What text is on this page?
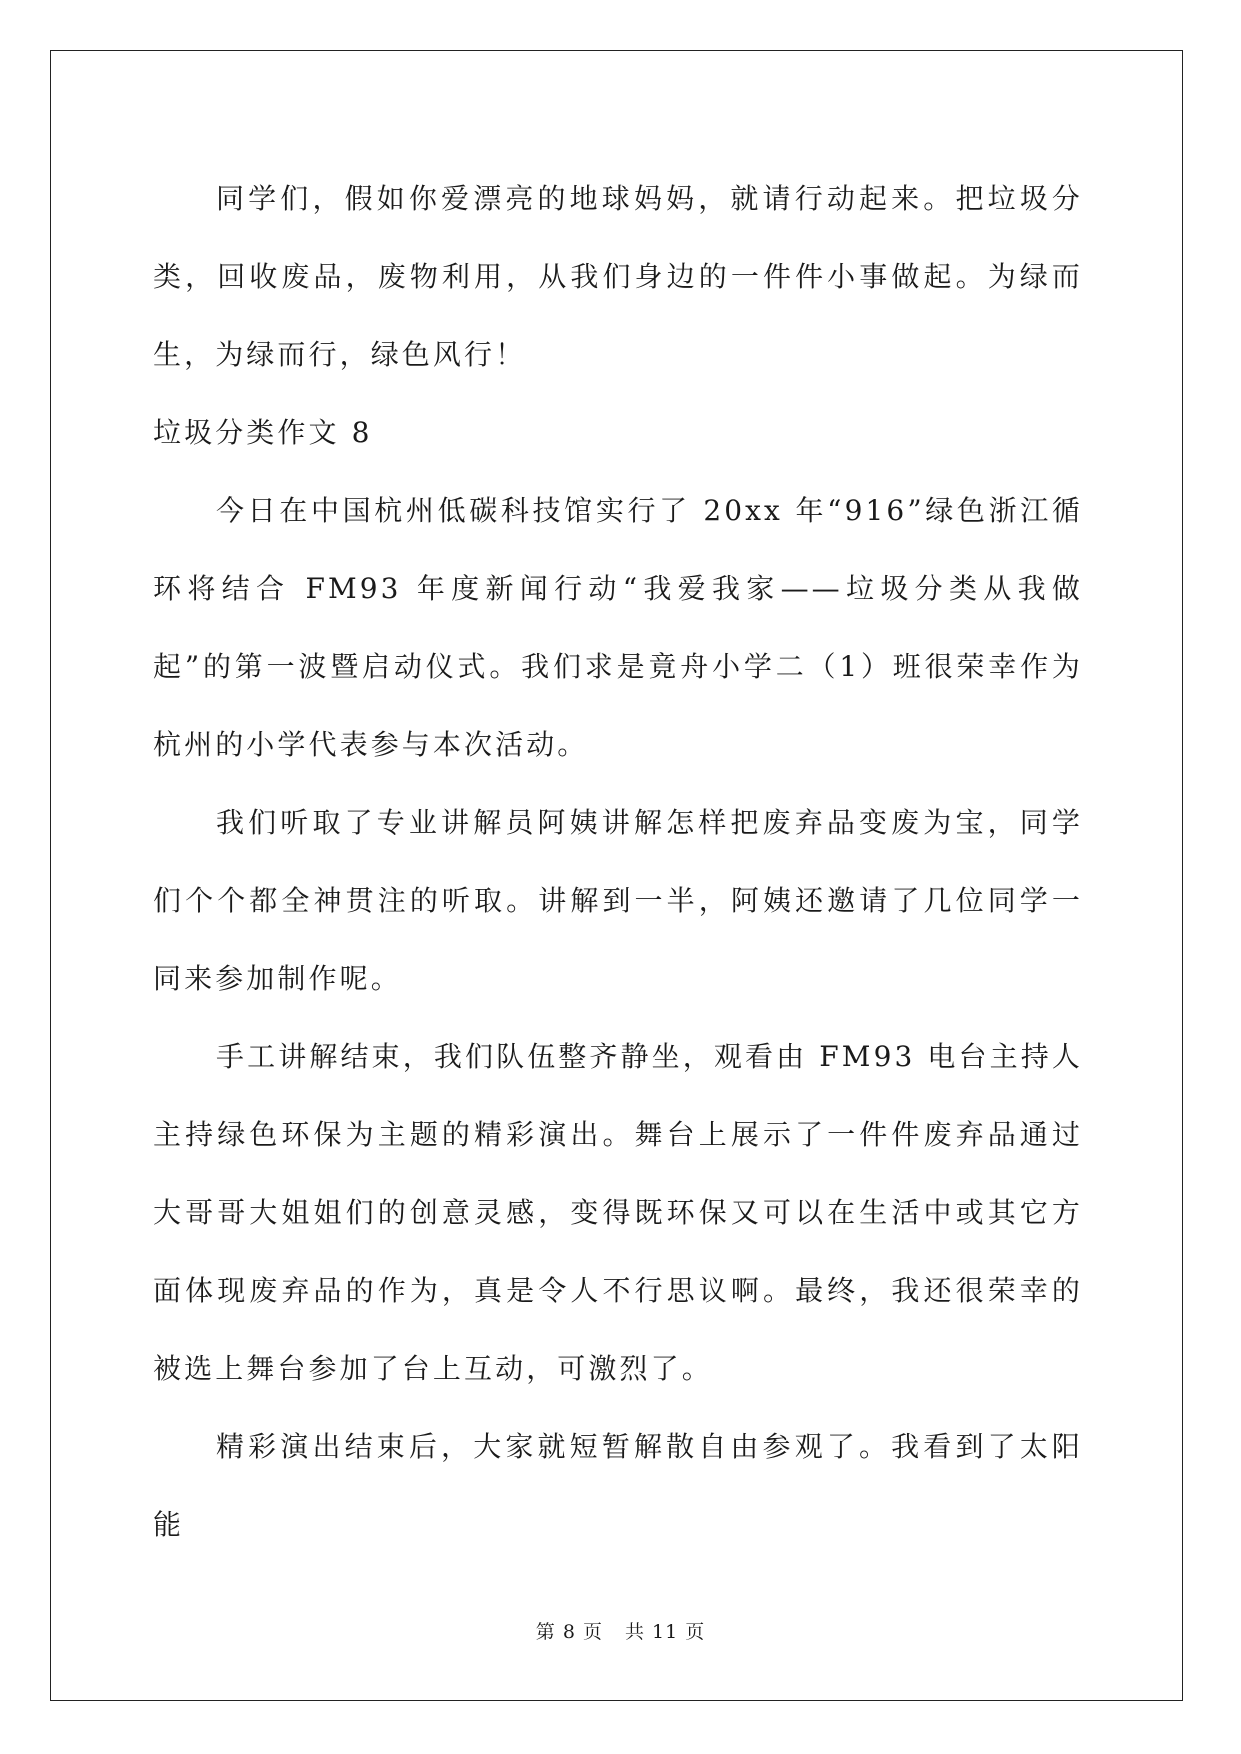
同学们，假如你爱漂亮的地球妈妈，就请行动起来。把垃圾分类，回收废品，废物利用，从我们身边的一件件小事做起。为绿而生，为绿而行，绿色风行！

垃圾分类作文 8

今日在中国杭州低碳科技馆实行了 20xx 年“916”绿色浙江循环将结合 FM93 年度新闻行动“我爱我家——垃圾分类从我做起”的第一波暨启动仪式。我们求是竟舟小学二（1）班很荣幸作为杭州的小学代表参与本次活动。

我们听取了专业讲解员阿姨讲解怎样把废弃品变废为宝，同学们个个都全神贯注的听取。讲解到一半，阿姨还邀请了几位同学一同来参加制作呢。

手工讲解结束，我们队伍整齐静坐，观看由 FM93 电台主持人主持绿色环保为主题的精彩演出。舞台上展示了一件件废弃品通过大哥哥大姐姐们的创意灵感，变得既环保又可以在生活中或其它方面体现废弃品的作为，真是令人不行思议啊。最终，我还很荣幸的被选上舞台参加了台上互动，可激烈了。

精彩演出结束后，大家就短暂解散自由参观了。我看到了太阳能

第 8 页 共 11 页
